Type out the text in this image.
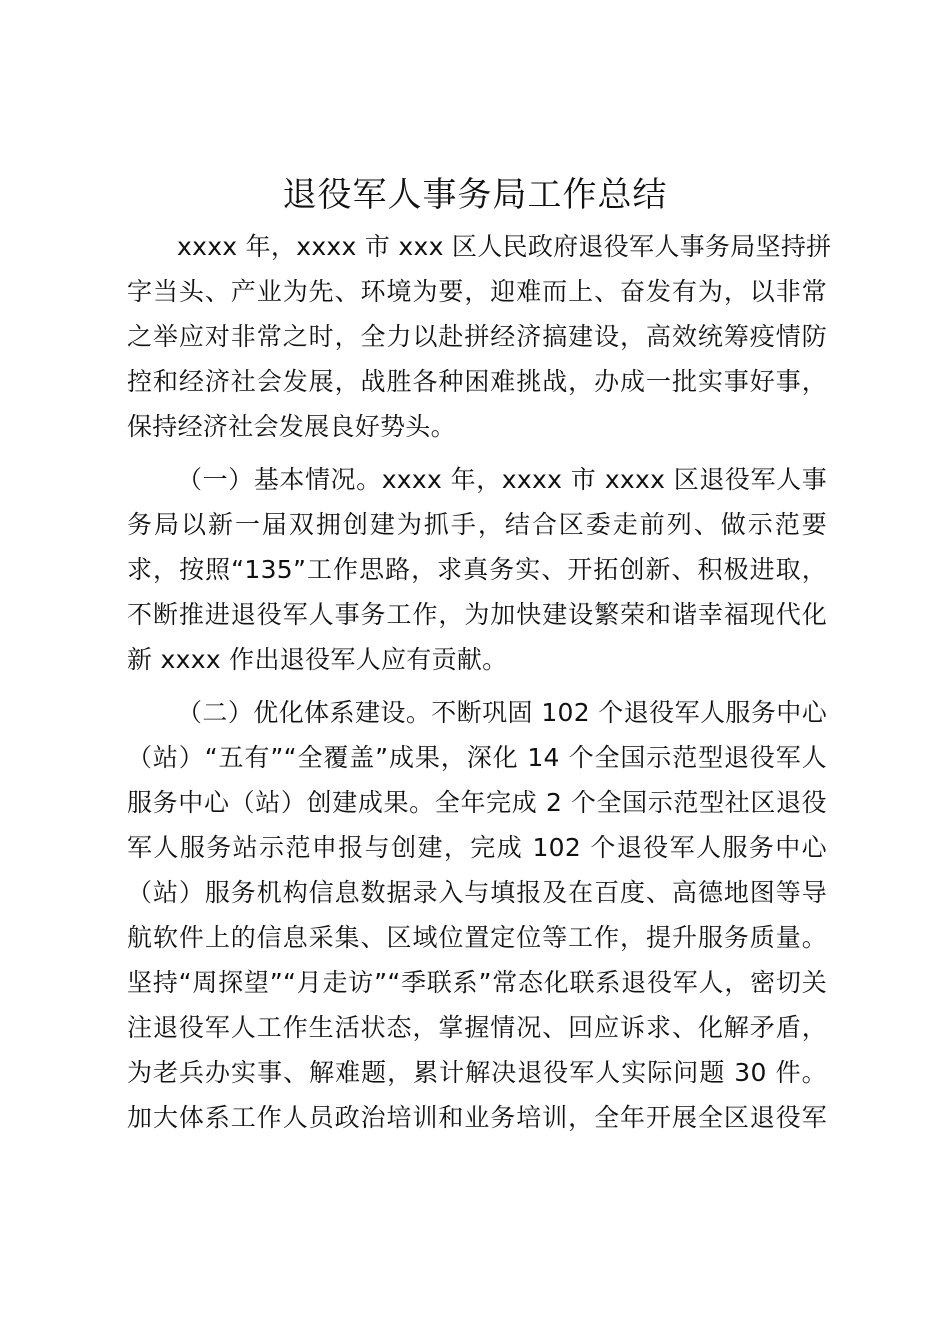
退役军人事务局工作总结
xxxx 年，xxxx 市 xxx 区人民政府退役军人事务局坚持拼
字当头、产业为先、环境为要，迎难而上、奋发有为，以非常
之举应对非常之时，全力以赴拼经济搞建设，高效统筹疫情防
控和经济社会发展，战胜各种困难挑战，办成一批实事好事，
保持经济社会发展良好势头。
（一）基本情况。xxxx 年，xxxx 市 xxxx 区退役军人事
务局以新一届双拥创建为抓手，结合区委走前列、做示范要
求，按照“135”工作思路，求真务实、开拓创新、积极进取，
不断推进退役军人事务工作，为加快建设繁荣和谐幸福现代化
新 xxxx 作出退役军人应有贡献。
（二）优化体系建设。不断巩固 102 个退役军人服务中心
（站）“五有”“全覆盖”成果，深化 14 个全国示范型退役军人
服务中心（站）创建成果。全年完成 2 个全国示范型社区退役
军人服务站示范申报与创建，完成 102 个退役军人服务中心
（站）服务机构信息数据录入与填报及在百度、高德地图等导
航软件上的信息采集、区域位置定位等工作，提升服务质量。
坚持“周探望”“月走访”“季联系”常态化联系退役军人，密切关
注退役军人工作生活状态，掌握情况、回应诉求、化解矛盾，
为老兵办实事、解难题，累计解决退役军人实际问题 30 件。
加大体系工作人员政治培训和业务培训，全年开展全区退役军
